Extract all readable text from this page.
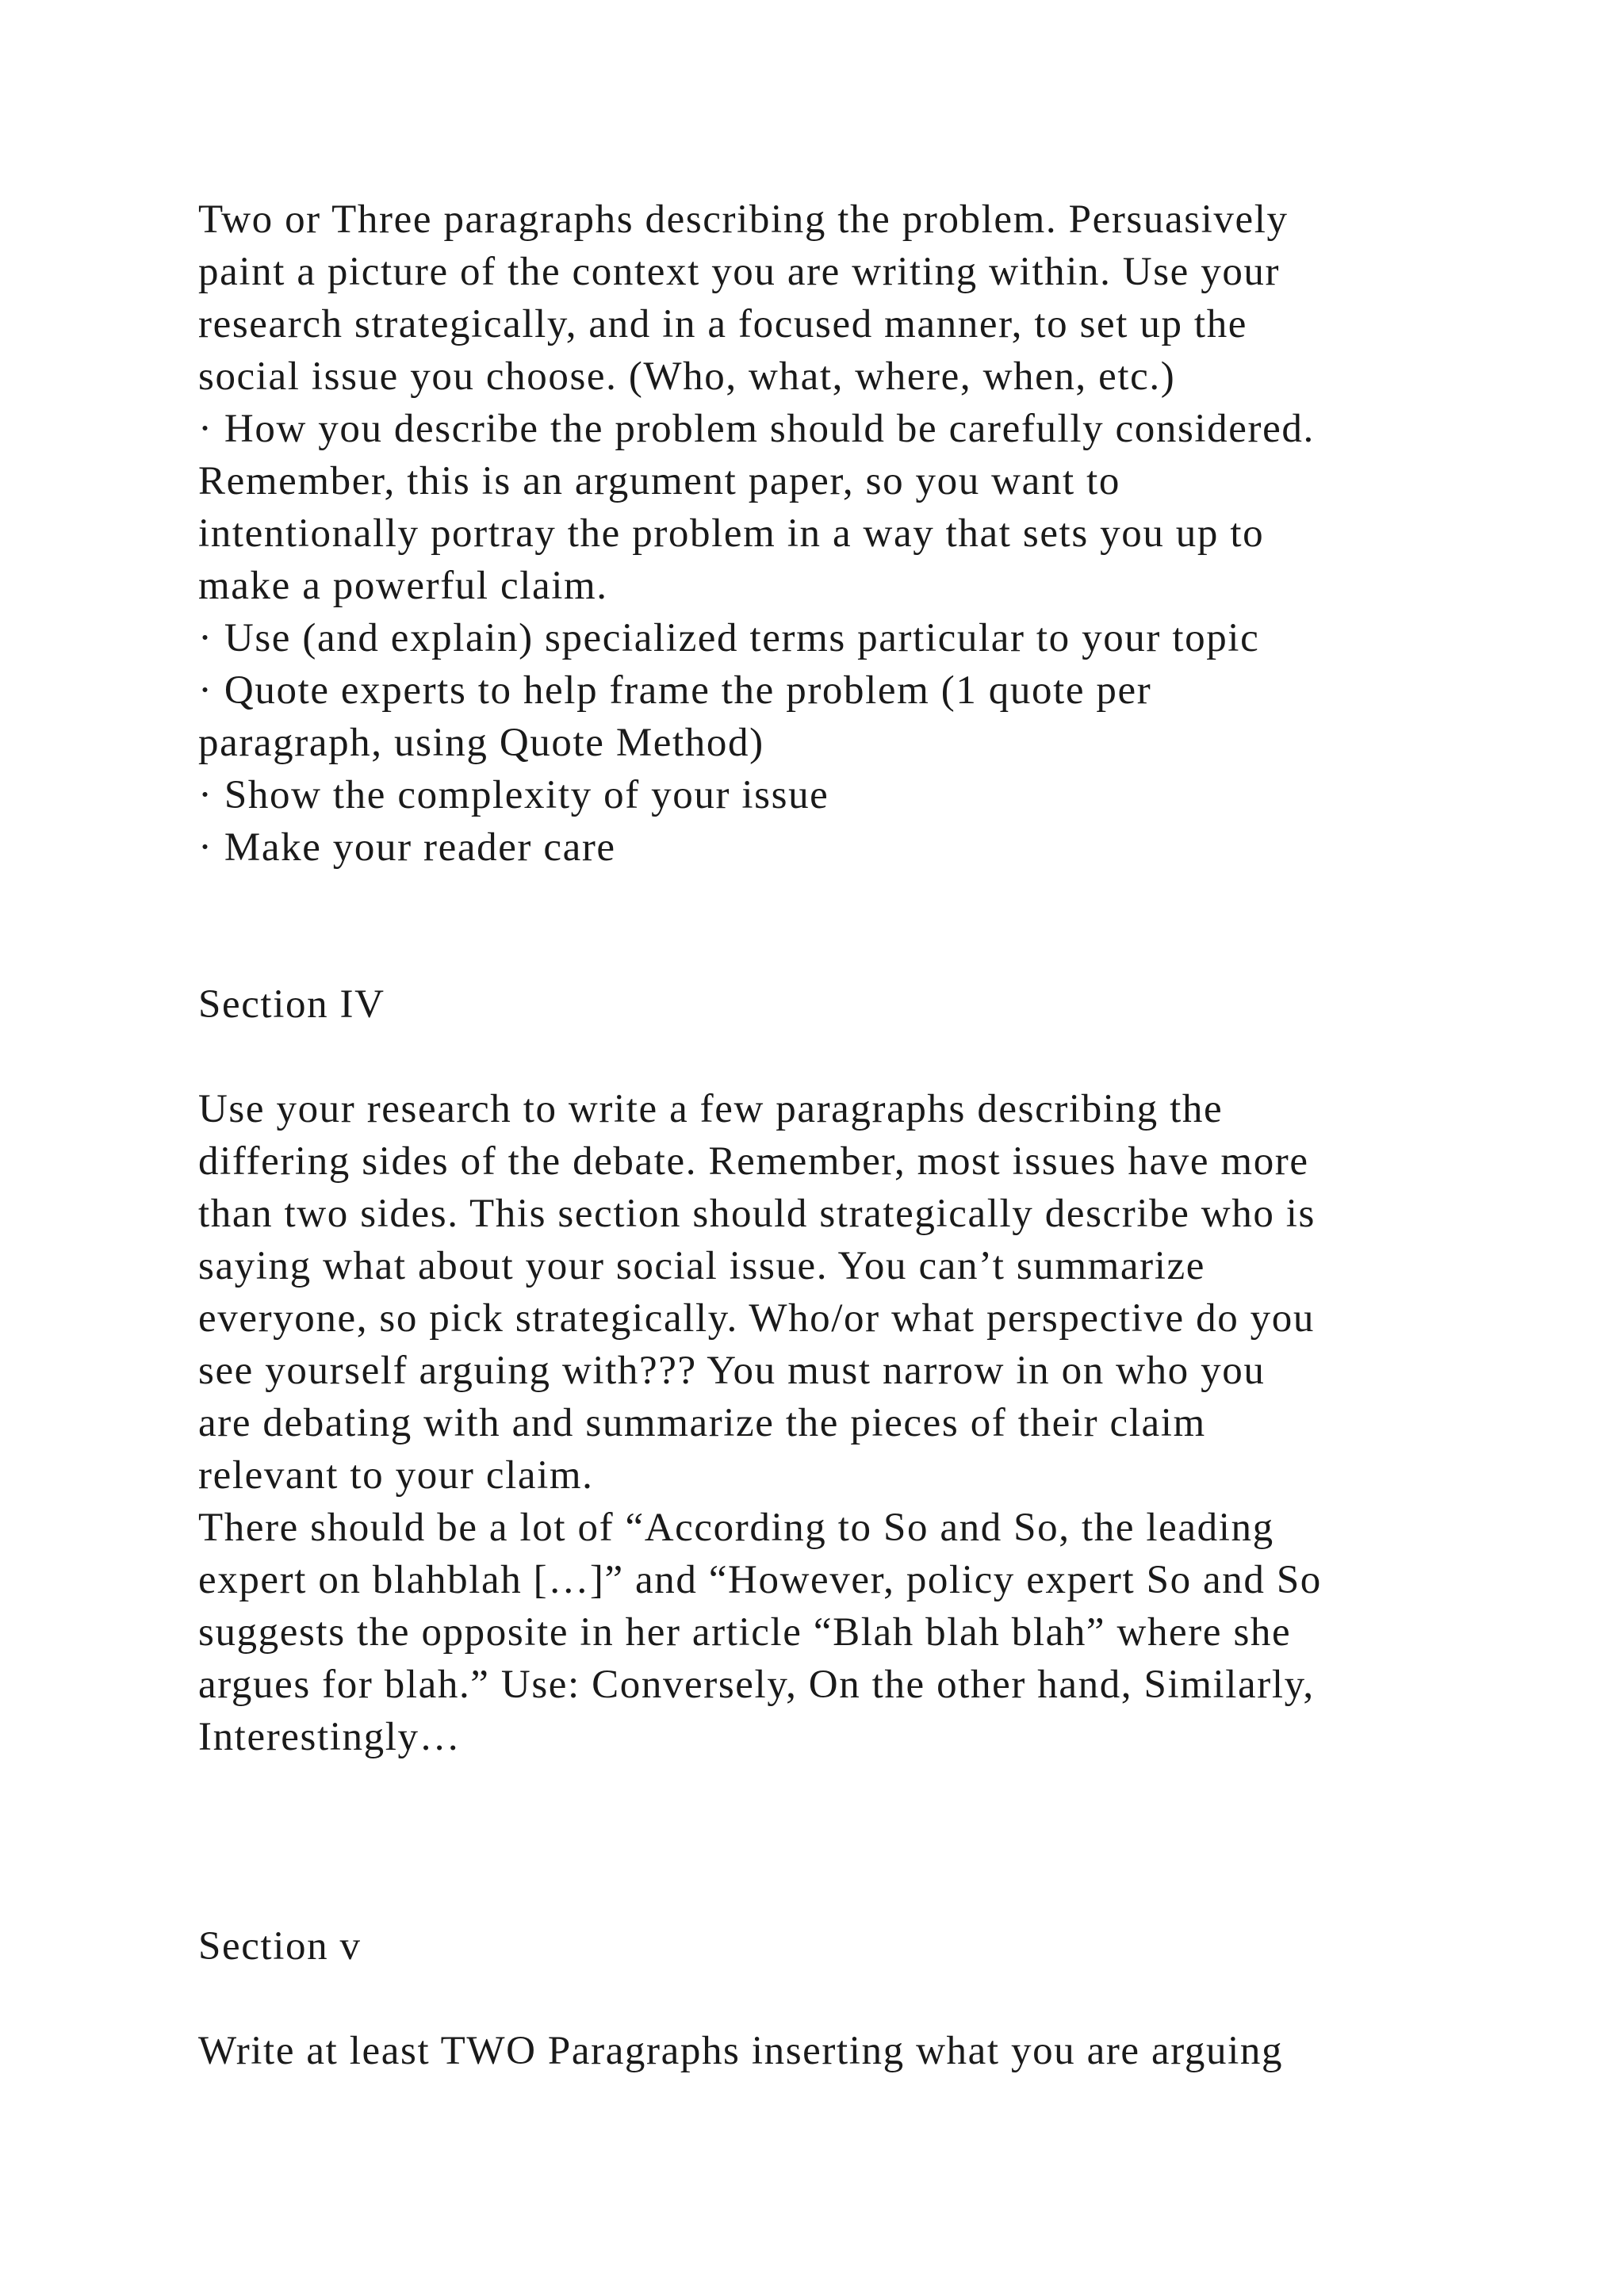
Two or Three paragraphs describing the problem. Persuasively
paint a picture of the context you are writing within. Use your
research strategically, and in a focused manner, to set up the
social issue you choose. (Who, what, where, when, etc.)
· How you describe the problem should be carefully considered.
Remember, this is an argument paper, so you want to
intentionally portray the problem in a way that sets you up to
make a powerful claim.
· Use (and explain) specialized terms particular to your topic
· Quote experts to help frame the problem (1 quote per
paragraph, using Quote Method)
· Show the complexity of your issue
· Make your reader care
Section IV
Use your research to write a few paragraphs describing the
differing sides of the debate. Remember, most issues have more
than two sides. This section should strategically describe who is
saying what about your social issue. You can’t summarize
everyone, so pick strategically. Who/or what perspective do you
see yourself arguing with??? You must narrow in on who you
are debating with and summarize the pieces of their claim
relevant to your claim.
There should be a lot of “According to So and So, the leading
expert on blahblah […]” and “However, policy expert So and So
suggests the opposite in her article “Blah blah blah” where she
argues for blah.” Use: Conversely, On the other hand, Similarly,
Interestingly…
Section v
Write at least TWO Paragraphs inserting what you are arguing
